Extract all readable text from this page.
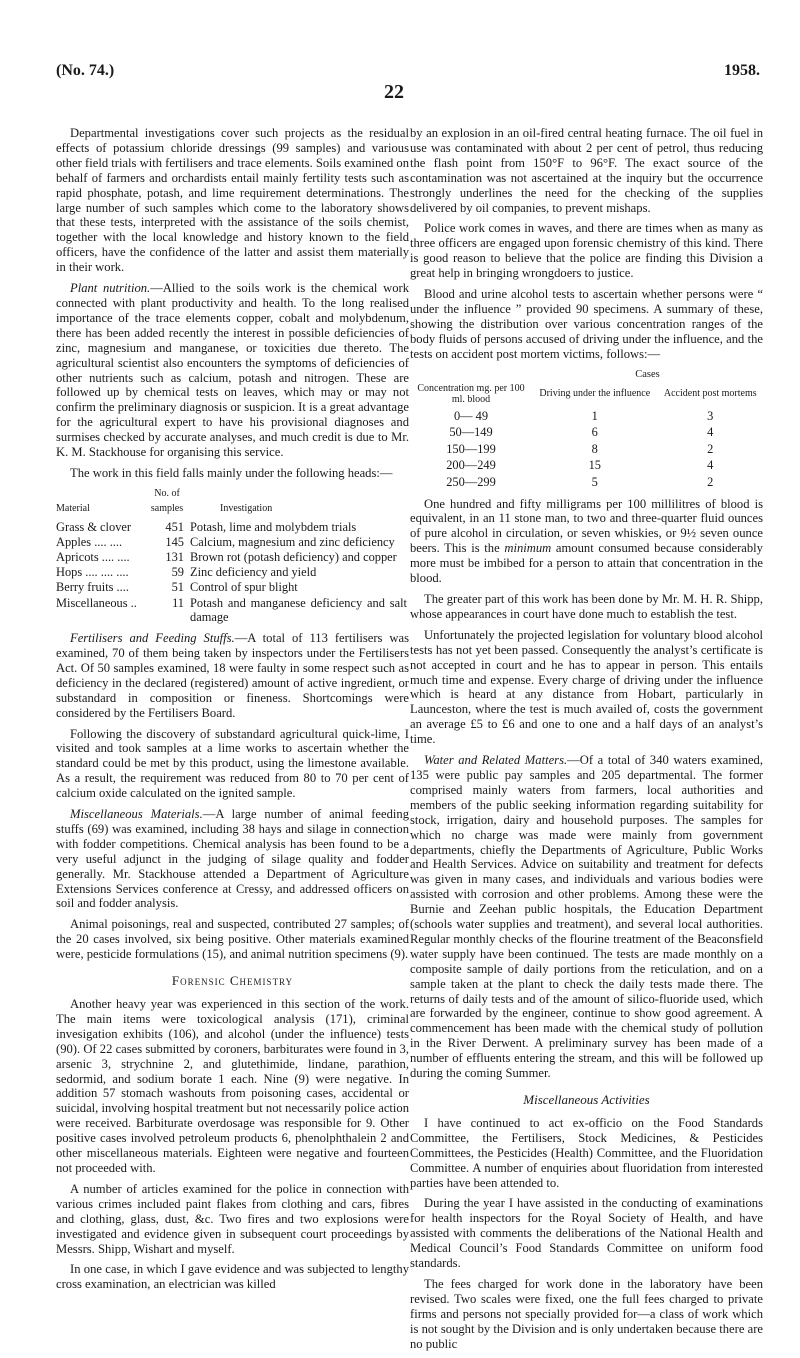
(No. 74.)
22
1958.

Departmental investigations cover such projects as the residual effects of potassium chloride dressings (99 samples) and various other field trials with fertilisers and trace elements. Soils examined on behalf of farmers and orchardists entail mainly fertility tests such as rapid phosphate, potash, and lime requirement determinations. The large number of such samples which come to the laboratory shows that these tests, interpreted with the assistance of the soils chemist, together with the local knowledge and history known to the field officers, have the confidence of the latter and assist them materially in their work.

Plant nutrition.—Allied to the soils work is the chemical work connected with plant productivity and health. To the long realised importance of the trace elements copper, cobalt and molybdenum, there has been added recently the interest in possible deficiencies of zinc, magnesium and manganese, or toxicities due thereto. The agricultural scientist also encounters the symptoms of deficiencies of other nutrients such as calcium, potash and nitrogen. These are followed up by chemical tests on leaves, which may or may not confirm the preliminary diagnosis or suspicion. It is a great advantage for the agricultural expert to have his provisional diagnoses and surmises checked by accurate analyses, and much credit is due to Mr. K. M. Stackhouse for organising this service.

The work in this field falls mainly under the following heads:—

Material	No. of samples	Investigation
Grass & clover	451	Potash, lime and molybdem trials
Apples .... ....	145	Calcium, magnesium and zinc deficiency
Apricots .... ....	131	Brown rot (potash deficiency) and copper
Hops .... .... ....	59	Zinc deficiency and yield
Berry fruits ....	51	Control of spur blight
Miscellaneous ..	11	Potash and manganese deficiency and salt damage

Fertilisers and Feeding Stuffs.—A total of 113 fertilisers was examined, 70 of them being taken by inspectors under the Fertilisers Act. Of 50 samples examined, 18 were faulty in some respect such as deficiency in the declared (registered) amount of active ingredient, or substandard in composition or fineness. Shortcomings were considered by the Fertilisers Board.

Following the discovery of substandard agricultural quick-lime, I visited and took samples at a lime works to ascertain whether the standard could be met by this product, using the limestone available. As a result, the requirement was reduced from 80 to 70 per cent of calcium oxide calculated on the ignited sample.

Miscellaneous Materials.—A large number of animal feeding stuffs (69) was examined, including 38 hays and silage in connection with fodder competitions. Chemical analysis has been found to be a very useful adjunct in the judging of silage quality and fodder generally. Mr. Stackhouse attended a Department of Agriculture Extensions Services conference at Cressy, and addressed officers on soil and fodder analysis.

Animal poisonings, real and suspected, contributed 27 samples; of the 20 cases involved, six being positive. Other materials examined were, pesticide formulations (15), and animal nutrition specimens (9).

Forensic Chemistry

Another heavy year was experienced in this section of the work. The main items were toxicological analysis (171), criminal invesigation exhibits (106), and alcohol (under the influence) tests (90). Of 22 cases submitted by coroners, barbiturates were found in 3, arsenic 3, strychnine 2, and glutethimide, lindane, parathion, sedormid, and sodium borate 1 each. Nine (9) were negative. In addition 57 stomach washouts from poisoning cases, accidental or suicidal, involving hospital treatment but not necessarily police action were received. Barbiturate overdosage was responsible for 9. Other positive cases involved petroleum products 6, phenolphthalein 2 and other miscellaneous materials. Eighteen were negative and fourteen not proceeded with.

A number of articles examined for the police in connection with various crimes included paint flakes from clothing and cars, fibres and clothing, glass, dust, &c. Two fires and two explosions were investigated and evidence given in subsequent court proceedings by Messrs. Shipp, Wishart and myself.

In one case, in which I gave evidence and was subjected to lengthy cross examination, an electrician was killed

by an explosion in an oil-fired central heating furnace. The oil fuel in use was contaminated with about 2 per cent of petrol, thus reducing the flash point from 150°F to 96°F. The exact source of the contamination was not ascertained at the inquiry but the occurrence strongly underlines the need for the checking of the supplies delivered by oil companies, to prevent mishaps.

Police work comes in waves, and there are times when as many as three officers are engaged upon forensic chemistry of this kind. There is good reason to believe that the police are finding this Division a great help in bringing wrongdoers to justice.

Blood and urine alcohol tests to ascertain whether persons were “ under the influence ” provided 90 specimens. A summary of these, showing the distribution over various concentration ranges of the body fluids of persons accused of driving under the influence, and the tests on accident post mortem victims, follows:—

	Cases	
Concentration mg. per 100 ml. blood	Driving under the influence	Accident post mortems
0— 49	1	3
50—149	6	4
150—199	8	2
200—249	15	4
250—299	5	2

One hundred and fifty milligrams per 100 millilitres of blood is equivalent, in an 11 stone man, to two and three-quarter fluid ounces of pure alcohol in circulation, or seven whiskies, or 9½ seven ounce beers. This is the minimum amount consumed because considerably more must be imbibed for a person to attain that concentration in the blood.

The greater part of this work has been done by Mr. M. H. R. Shipp, whose appearances in court have done much to establish the test.

Unfortunately the projected legislation for voluntary blood alcohol tests has not yet been passed. Consequently the analyst’s certificate is not accepted in court and he has to appear in person. This entails much time and expense. Every charge of driving under the influence which is heard at any distance from Hobart, particularly in Launceston, where the test is much availed of, costs the government an average £5 to £6 and one to one and a half days of an analyst’s time.

Water and Related Matters.—Of a total of 340 waters examined, 135 were public pay samples and 205 departmental. The former comprised mainly waters from farmers, local authorities and members of the public seeking information regarding suitability for stock, irrigation, dairy and household purposes. The samples for which no charge was made were mainly from government departments, chiefly the Departments of Agriculture, Public Works and Health Services. Advice on suitability and treatment for defects was given in many cases, and individuals and various bodies were assisted with corrosion and other problems. Among these were the Burnie and Zeehan public hospitals, the Education Department (schools water supplies and treatment), and several local authorities. Regular monthly checks of the flourine treatment of the Beaconsfield water supply have been continued. The tests are made monthly on a composite sample of daily portions from the reticulation, and on a sample taken at the plant to check the daily tests made there. The returns of daily tests and of the amount of silico-fluoride used, which are forwarded by the engineer, continue to show good agreement. A commencement has been made with the chemical study of pollution in the River Derwent. A preliminary survey has been made of a number of effluents entering the stream, and this will be followed up during the coming Summer.

Miscellaneous Activities

I have continued to act ex-officio on the Food Standards Committee, the Fertilisers, Stock Medicines, & Pesticides Committees, the Pesticides (Health) Committee, and the Fluoridation Committee. A number of enquiries about fluoridation from interested parties have been attended to.

During the year I have assisted in the conducting of examinations for health inspectors for the Royal Society of Health, and have assisted with comments the deliberations of the National Health and Medical Council’s Food Standards Committee on uniform food standards.

The fees charged for work done in the laboratory have been revised. Two scales were fixed, one the full fees charged to private firms and persons not specially provided for—a class of work which is not sought by the Division and is only undertaken because there are no public
